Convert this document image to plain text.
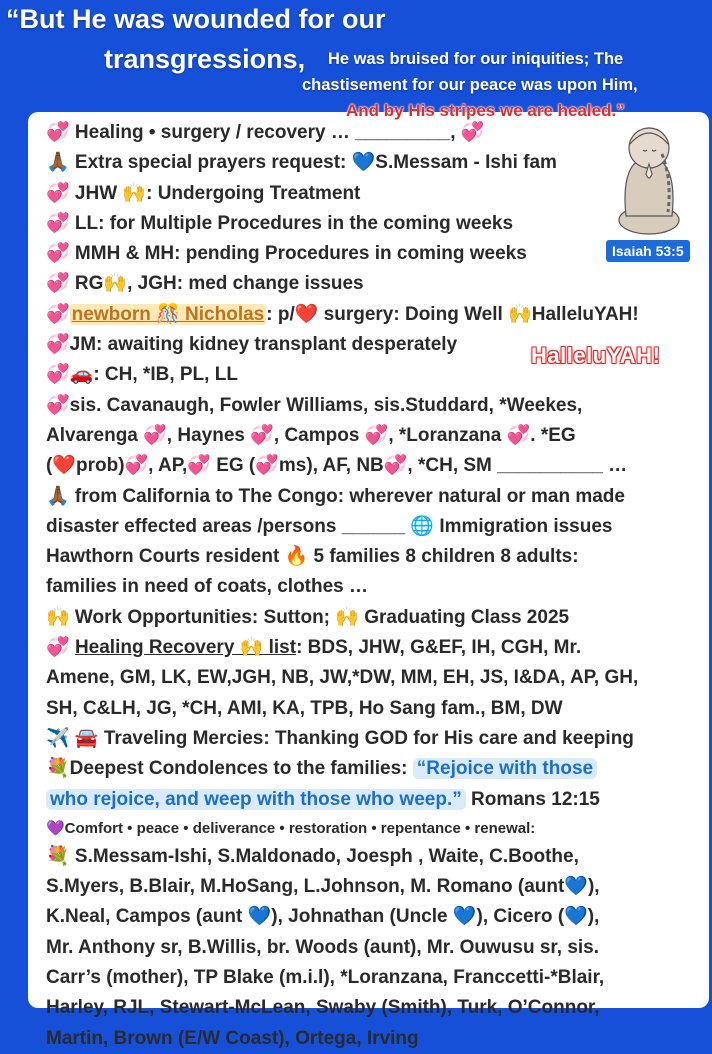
“But He was wounded for our
transgressions, He was bruised for our iniquities; The
chastisement for our peace was upon Him,
💞 Healing • surgery / recovery … _________, 💞
🙏🏾 Extra special prayers request: 💙S.Messam - Ishi fam
💞 JHW 🙌: Undergoing Treatment
💞 LL: for Multiple Procedures in the coming weeks
💞 MMH & MH: pending Procedures in coming weeks
💞 RG🙌, JGH: med change issues
💞 newborn 🎊 Nicholas : p/❤️ surgery: Doing Well 🙌HalleluYAH!
💞JM: awaiting kidney transplant desperately
💞🚗: CH, *IB, PL, LL
💞sis. Cavanaugh, Fowler Williams, sis.Studdard, *Weekes,
Alvarenga 💞, Haynes 💞, Campos 💞, *Loranzana 💞. *EG
(❤️prob)💞, AP,💞 EG (💞ms), AF, NB💞, *CH, SM __________ …
🙏🏾 from California to The Congo: wherever natural or man made
disaster effected areas /persons ______ 🌐 Immigration issues
Hawthorn Courts resident 🔥 5 families 8 children 8 adults:
families in need of coats, clothes …
🙌 Work Opportunities: Sutton; 🙌 Graduating Class 2025
💞 Healing Recovery 🙌 list: BDS, JHW, G&EF, IH, CGH, Mr.
Amene, GM, LK, EW,JGH, NB, JW,*DW, MM, EH, JS, I&DA, AP, GH,
SH, C&LH, JG, *CH, AMI, KA, TPB, Ho Sang fam., BM, DW
✈️ 🚘 Traveling Mercies: Thanking GOD for His care and keeping
💐Deepest Condolences to the families: “Rejoice with those
who rejoice, and weep with those who weep.” Romans 12:15
💜Comfort • peace • deliverance • restoration • repentance • renewal:
💐 S.Messam-Ishi, S.Maldonado, Joesph , Waite, C.Boothe,
S.Myers, B.Blair, M.HoSang, L.Johnson, M. Romano (aunt💙),
K.Neal, Campos (aunt 💙), Johnathan (Uncle 💙), Cicero (💙),
Mr. Anthony sr, B.Willis, br. Woods (aunt), Mr. Ouwusu sr, sis.
Carr’s (mother), TP Blake (m.i.l), *Loranzana, Franccetti-*Blair,
Harley, RJL, Stewart-McLean, Swaby (Smith), Turk, O’Connor,
Martin, Brown (E/W Coast), Ortega, Irving
And by His stripes we are healed.”
Isaiah 53:5
HalleluYAH!
